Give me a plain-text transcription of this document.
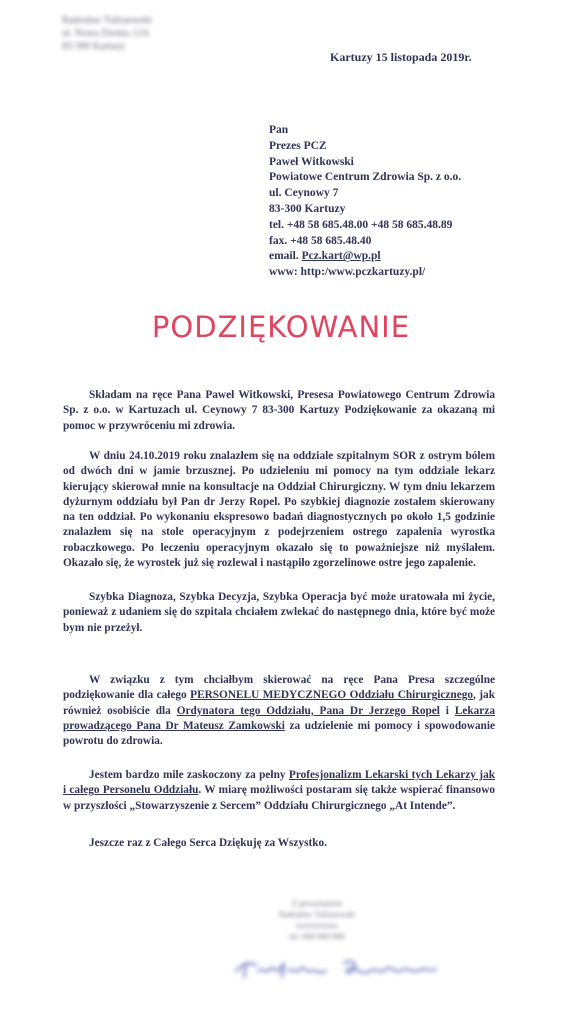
Radosław Tuliszewski
ul. Nowa Ziemia 12A
83-300 Kartuzy
Kartuzy 15 listopada 2019r.
Pan
Prezes PCZ
Paweł Witkowski
Powiatowe Centrum Zdrowia Sp. z o.o.
ul. Ceynowy 7
83-300 Kartuzy
tel. +48 58 685.48.00 +48 58 685.48.89
fax. +48 58 685.48.40
email. Pcz.kart@wp.pl
www: http:/www.pczkartuzy.pl/
PODZIĘKOWANIE

Składam na ręce Pana Paweł Witkowski, Presesa Powiatowego Centrum Zdrowia Sp. z o.o. w Kartuzach ul. Ceynowy 7 83-300 Kartuzy Podziękowanie za okazaną mi pomoc w przywróceniu mi zdrowia.

W dniu 24.10.2019 roku znalazłem się na oddziale szpitalnym SOR z ostrym bólem od dwóch dni w jamie brzusznej. Po udzieleniu mi pomocy na tym oddziale lekarz kierujący skierował mnie na konsultacje na Oddział Chirurgiczny. W tym dniu lekarzem dyżurnym oddziału był Pan dr Jerzy Ropel. Po szybkiej diagnozie zostałem skierowany na ten oddział. Po wykonaniu ekspresowo badań diagnostycznych po około 1,5 godzinie znalazłem się na stole operacyjnym z podejrzeniem ostrego zapalenia wyrostka robaczkowego. Po leczeniu operacyjnym okazało się to poważniejsze niż myślałem. Okazało się, że wyrostek już się rozlewał i nastąpiło zgorzelinowe ostre jego zapalenie.

Szybka Diagnoza, Szybka Decyzja, Szybka Operacja być może uratowała mi życie, ponieważ z udaniem się do szpitala chciałem zwlekać do następnego dnia, które być może bym nie przeżył.

W związku z tym chciałbym skierować na ręce Pana Presa szczególne podziękowanie dla całego PERSONELU MEDYCZNEGO Oddziału Chirurgicznego, jak również osobiście dla Ordynatora tego Oddziału, Pana Dr Jerzego Ropel i Lekarza prowadzącego Pana Dr Mateusz Zamkowski za udzielenie mi pomocy i spowodowanie powrotu do zdrowia.

Jestem bardzo mile zaskoczony za pełny Profesjonalizm Lekarski tych Lekarzy jak i całego Personelu Oddziału. W miarę możliwości postaram się także wspierać finansowo w przyszłości „Stowarzyszenie z Sercem” Oddziału Chirurgicznego „At Intende”.

Jeszcze raz z Całego Serca Dziękuję za Wszystko.

Z poważaniem
Radosław Tuliszewski
xxxxxxxxxx
tel. 000 000 000
